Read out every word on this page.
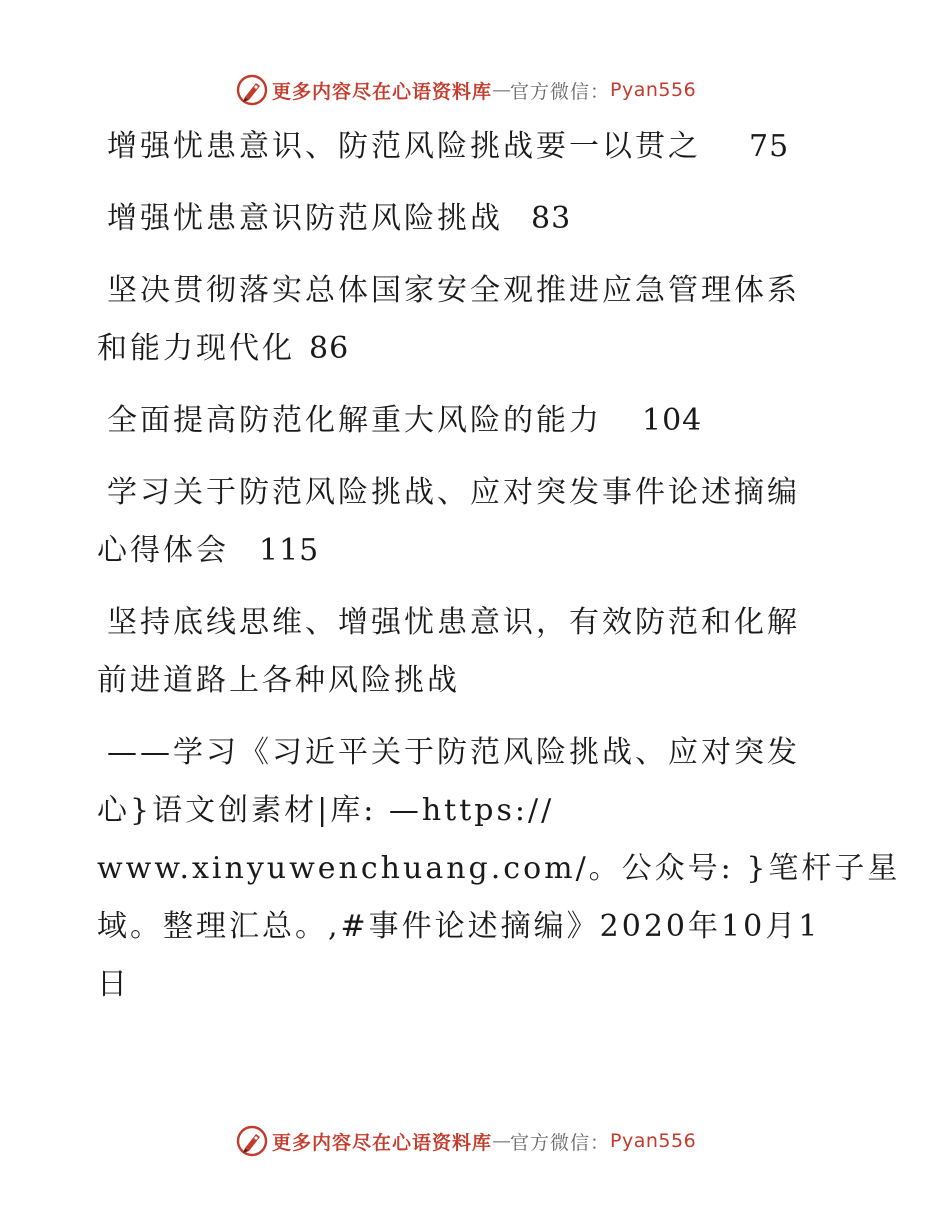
更多内容尽在心语资料库 — 官方微信： Pyan556
增强忧患意识、防范风险挑战要一以贯之 75
增强忧患意识防范风险挑战 83
坚决贯彻落实总体国家安全观推进应急管理体系
和能力现代化 86
全面提高防范化解重大风险的能力 104
学习关于防范风险挑战、应对突发事件论述摘编
心得体会 115
坚持底线思维、增强忧患意识，有效防范和化解
前进道路上各种风险挑战
——学习《习近平关于防范风险挑战、应对突发
心}语文创素材|库: —https://
www.xinyuwenchuang.com/。公众号: }笔杆子星
域。整理汇总。,#事件论述摘编》2020年10月1
日
更多内容尽在心语资料库 — 官方微信： Pyan556
